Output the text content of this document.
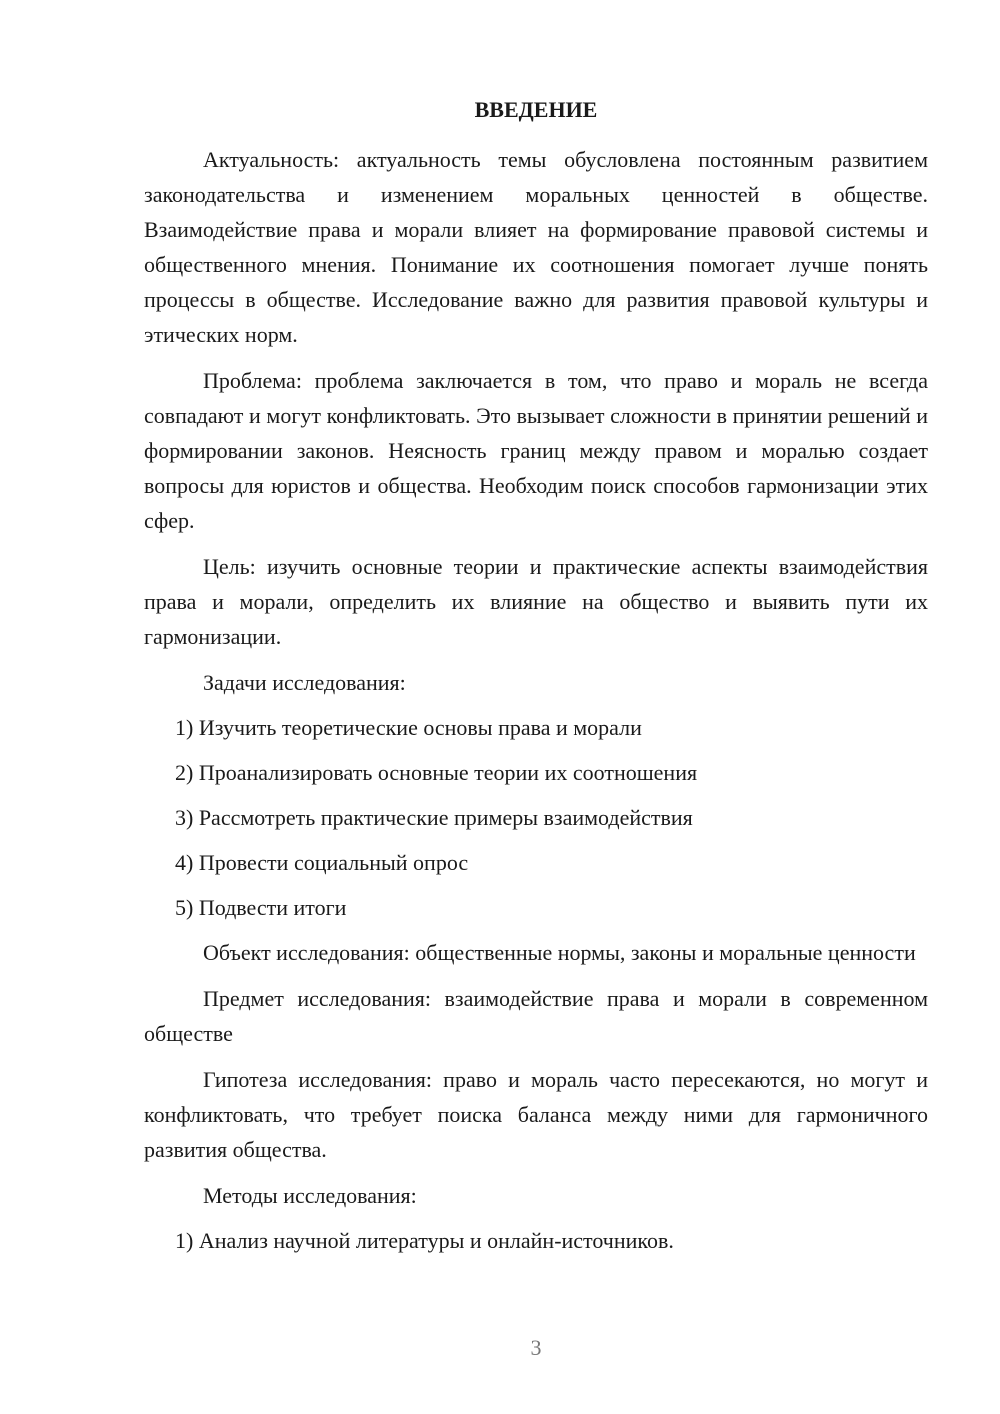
ВВЕДЕНИЕ

Актуальность: актуальность темы обусловлена постоянным развитием законодательства и изменением моральных ценностей в обществе. Взаимодействие права и морали влияет на формирование правовой системы и общественного мнения. Понимание их соотношения помогает лучше понять процессы в обществе. Исследование важно для развития правовой культуры и этических норм.

Проблема: проблема заключается в том, что право и мораль не всегда совпадают и могут конфликтовать. Это вызывает сложности в принятии решений и формировании законов. Неясность границ между правом и моралью создает вопросы для юристов и общества. Необходим поиск способов гармонизации этих сфер.

Цель: изучить основные теории и практические аспекты взаимодействия права и морали, определить их влияние на общество и выявить пути их гармонизации.

Задачи исследования:
1) Изучить теоретические основы права и морали
2) Проанализировать основные теории их соотношения
3) Рассмотреть практические примеры взаимодействия
4) Провести социальный опрос
5) Подвести итоги

Объект исследования: общественные нормы, законы и моральные ценности

Предмет исследования: взаимодействие права и морали в современном обществе

Гипотеза исследования: право и мораль часто пересекаются, но могут и конфликтовать, что требует поиска баланса между ними для гармоничного развития общества.

Методы исследования:
1) Анализ научной литературы и онлайн-источников.
3
